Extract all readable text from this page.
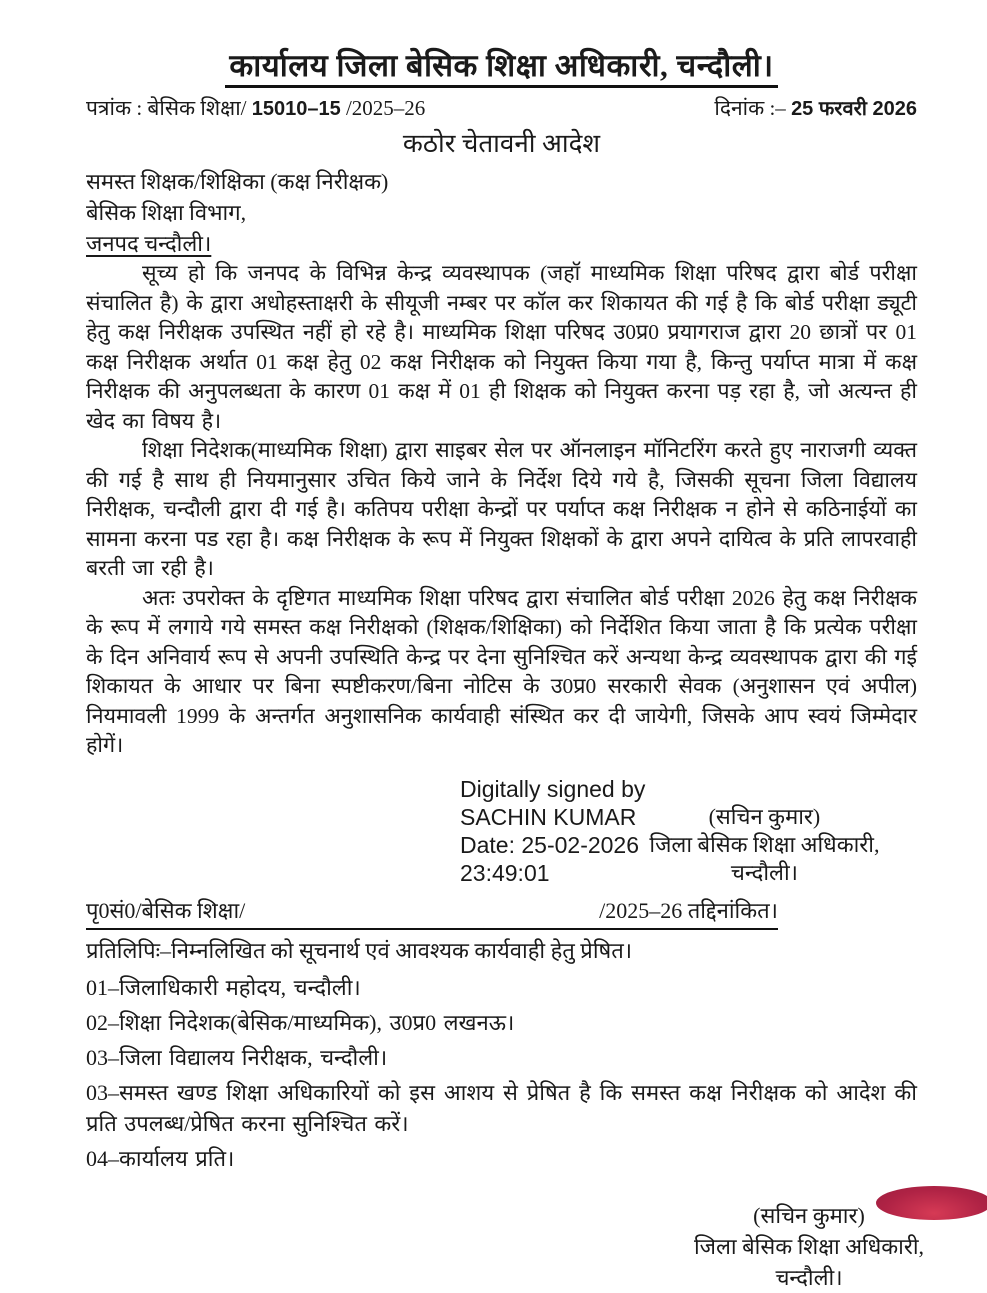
कार्यालय जिला बेसिक शिक्षा अधिकारी, चन्दौली।
पत्रांक : बेसिक शिक्षा/ 15010–15 /2025–26	दिनांक :– 25 फरवरी 2026
कठोर चेतावनी आदेश
समस्त शिक्षक/शिक्षिका (कक्ष निरीक्षक)
बेसिक शिक्षा विभाग,
जनपद चन्दौली।

सूच्य हो कि जनपद के विभिन्न केन्द्र व्यवस्थापक (जहॉ माध्यमिक शिक्षा परिषद द्वारा बोर्ड परीक्षा संचालित है) के द्वारा अधोहस्ताक्षरी के सीयूजी नम्बर पर कॉल कर शिकायत की गई है कि बोर्ड परीक्षा ड्यूटी हेतु कक्ष निरीक्षक उपस्थित नहीं हो रहे है। माध्यमिक शिक्षा परिषद उ0प्र0 प्रयागराज द्वारा 20 छात्रों पर 01 कक्ष निरीक्षक अर्थात 01 कक्ष हेतु 02 कक्ष निरीक्षक को नियुक्त किया गया है, किन्तु पर्याप्त मात्रा में कक्ष निरीक्षक की अनुपलब्धता के कारण 01 कक्ष में 01 ही शिक्षक को नियुक्त करना पड़ रहा है, जो अत्यन्त ही खेद का विषय है।

शिक्षा निदेशक(माध्यमिक शिक्षा) द्वारा साइबर सेल पर ऑनलाइन मॉनिटरिंग करते हुए नाराजगी व्यक्त की गई है साथ ही नियमानुसार उचित किये जाने के निर्देश दिये गये है, जिसकी सूचना जिला विद्यालय निरीक्षक, चन्दौली द्वारा दी गई है। कतिपय परीक्षा केन्द्रों पर पर्याप्त कक्ष निरीक्षक न होने से कठिनाईयों का सामना करना पड रहा है। कक्ष निरीक्षक के रूप में नियुक्त शिक्षकों के द्वारा अपने दायित्व के प्रति लापरवाही बरती जा रही है।

अतः उपरोक्त के दृष्टिगत माध्यमिक शिक्षा परिषद द्वारा संचालित बोर्ड परीक्षा 2026 हेतु कक्ष निरीक्षक के रूप में लगाये गये समस्त कक्ष निरीक्षको (शिक्षक/शिक्षिका) को निर्देशित किया जाता है कि प्रत्येक परीक्षा के दिन अनिवार्य रूप से अपनी उपस्थिति केन्द्र पर देना सुनिश्चित करें अन्यथा केन्द्र व्यवस्थापक द्वारा की गई शिकायत के आधार पर बिना स्पष्टीकरण/बिना नोटिस के उ0प्र0 सरकारी सेवक (अनुशासन एवं अपील) नियमावली 1999 के अन्तर्गत अनुशासनिक कार्यवाही संस्थित कर दी जायेगी, जिसके आप स्वयं जिम्मेदार होगें।

Digitally signed by
SACHIN KUMAR
Date: 25-02-2026
23:49:01
(सचिन कुमार)
जिला बेसिक शिक्षा अधिकारी,
चन्दौली।
पृ0सं0/बेसिक शिक्षा/	/2025–26 तद्दिनांकित।
प्रतिलिपिः–निम्नलिखित को सूचनार्थ एवं आवश्यक कार्यवाही हेतु प्रेषित।
01–जिलाधिकारी महोदय, चन्दौली।
02–शिक्षा निदेशक(बेसिक/माध्यमिक), उ0प्र0 लखनऊ।
03–जिला विद्यालय निरीक्षक, चन्दौली।
03–समस्त खण्ड शिक्षा अधिकारियों को इस आशय से प्रेषित है कि समस्त कक्ष निरीक्षक को आदेश की प्रति उपलब्ध/प्रेषित करना सुनिश्चित करें।
04–कार्यालय प्रति।
(सचिन कुमार)
जिला बेसिक शिक्षा अधिकारी,
चन्दौली।
